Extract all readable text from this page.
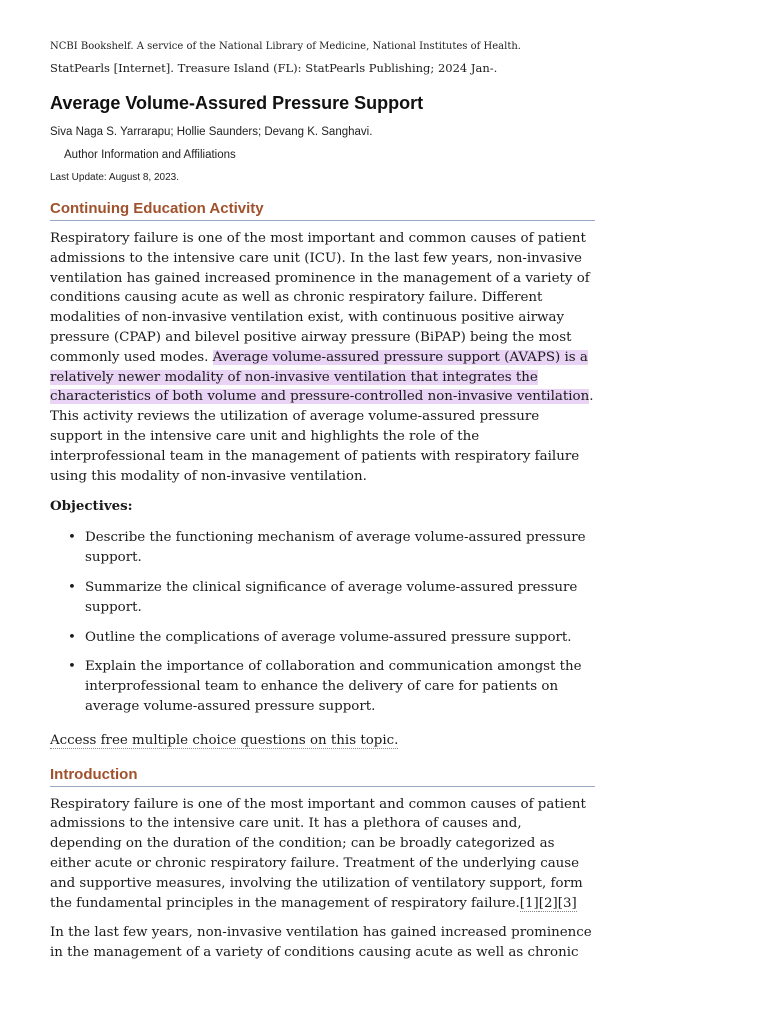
NCBI Bookshelf. A service of the National Library of Medicine, National Institutes of Health.

StatPearls [Internet]. Treasure Island (FL): StatPearls Publishing; 2024 Jan-.

Average Volume-Assured Pressure Support

Siva Naga S. Yarrarapu; Hollie Saunders; Devang K. Sanghavi.

Author Information and Affiliations

Last Update: August 8, 2023.

Continuing Education Activity

Respiratory failure is one of the most important and common causes of patient admissions to the intensive care unit (ICU). In the last few years, non-invasive ventilation has gained increased prominence in the management of a variety of conditions causing acute as well as chronic respiratory failure. Different modalities of non-invasive ventilation exist, with continuous positive airway pressure (CPAP) and bilevel positive airway pressure (BiPAP) being the most commonly used modes. Average volume-assured pressure support (AVAPS) is a relatively newer modality of non-invasive ventilation that integrates the characteristics of both volume and pressure-controlled non-invasive ventilation. This activity reviews the utilization of average volume-assured pressure support in the intensive care unit and highlights the role of the interprofessional team in the management of patients with respiratory failure using this modality of non-invasive ventilation.

Objectives:

• Describe the functioning mechanism of average volume-assured pressure support.
• Summarize the clinical significance of average volume-assured pressure support.
• Outline the complications of average volume-assured pressure support.
• Explain the importance of collaboration and communication amongst the interprofessional team to enhance the delivery of care for patients on average volume-assured pressure support.

Access free multiple choice questions on this topic.

Introduction

Respiratory failure is one of the most important and common causes of patient admissions to the intensive care unit. It has a plethora of causes and, depending on the duration of the condition; can be broadly categorized as either acute or chronic respiratory failure. Treatment of the underlying cause and supportive measures, involving the utilization of ventilatory support, form the fundamental principles in the management of respiratory failure.[1][2][3]

In the last few years, non-invasive ventilation has gained increased prominence in the management of a variety of conditions causing acute as well as chronic
